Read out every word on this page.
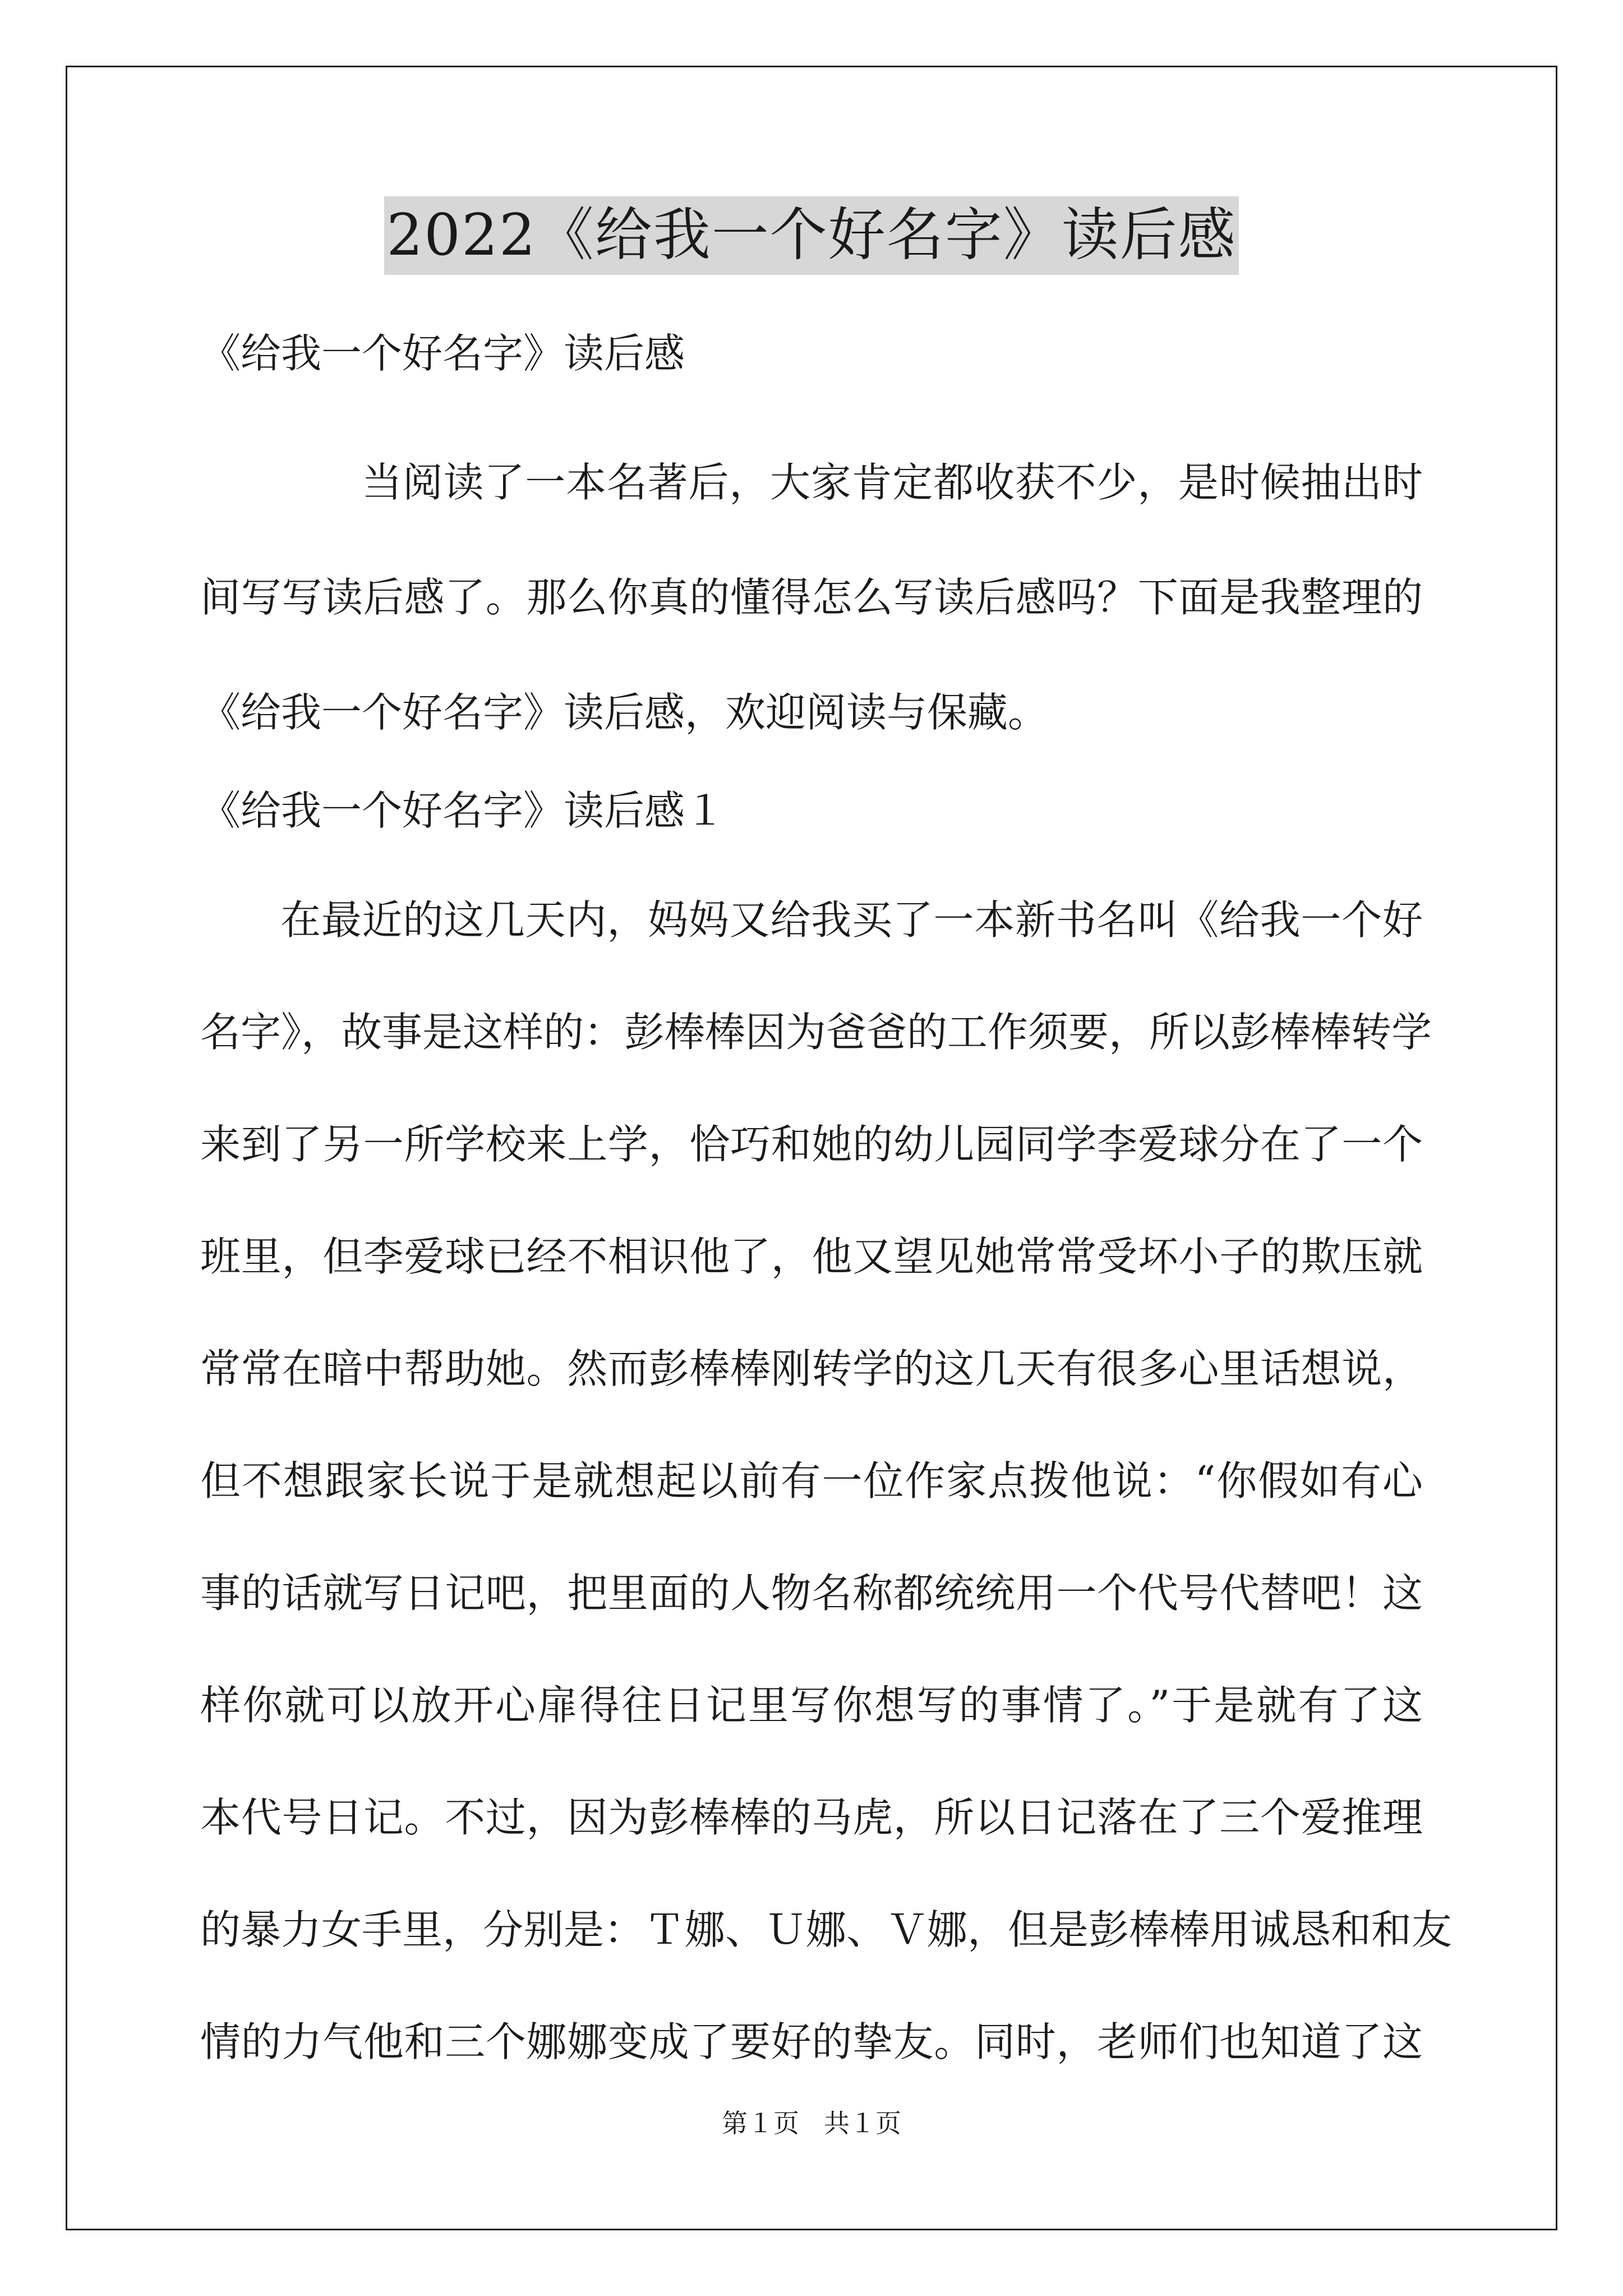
2022《给我一个好名字》读后感

《给我一个好名字》读后感

当阅读了一本名著后，大家肯定都收获不少，是时候抽出时

间写写读后感了。那么你真的懂得怎么写读后感吗？下面是我整理的

《给我一个好名字》读后感，欢迎阅读与保藏。

《给我一个好名字》读后感１

在最近的这几天内，妈妈又给我买了一本新书名叫《给我一个好

名字》，故事是这样的：彭棒棒因为爸爸的工作须要，所以彭棒棒转学

来到了另一所学校来上学，恰巧和她的幼儿园同学李爱球分在了一个

班里，但李爱球已经不相识他了，他又望见她常常受坏小子的欺压就

常常在暗中帮助她。然而彭棒棒刚转学的这几天有很多心里话想说，

但不想跟家长说于是就想起以前有一位作家点拨他说：“你假如有心

事的话就写日记吧，把里面的人物名称都统统用一个代号代替吧！这

样你就可以放开心扉得往日记里写你想写的事情了。”于是就有了这

本代号日记。不过，因为彭棒棒的马虎，所以日记落在了三个爱推理

的暴力女手里，分别是：Ｔ娜、Ｕ娜、Ｖ娜，但是彭棒棒用诚恳和和友

情的力气他和三个娜娜变成了要好的挚友。同时，老师们也知道了这

第１页 共１页
